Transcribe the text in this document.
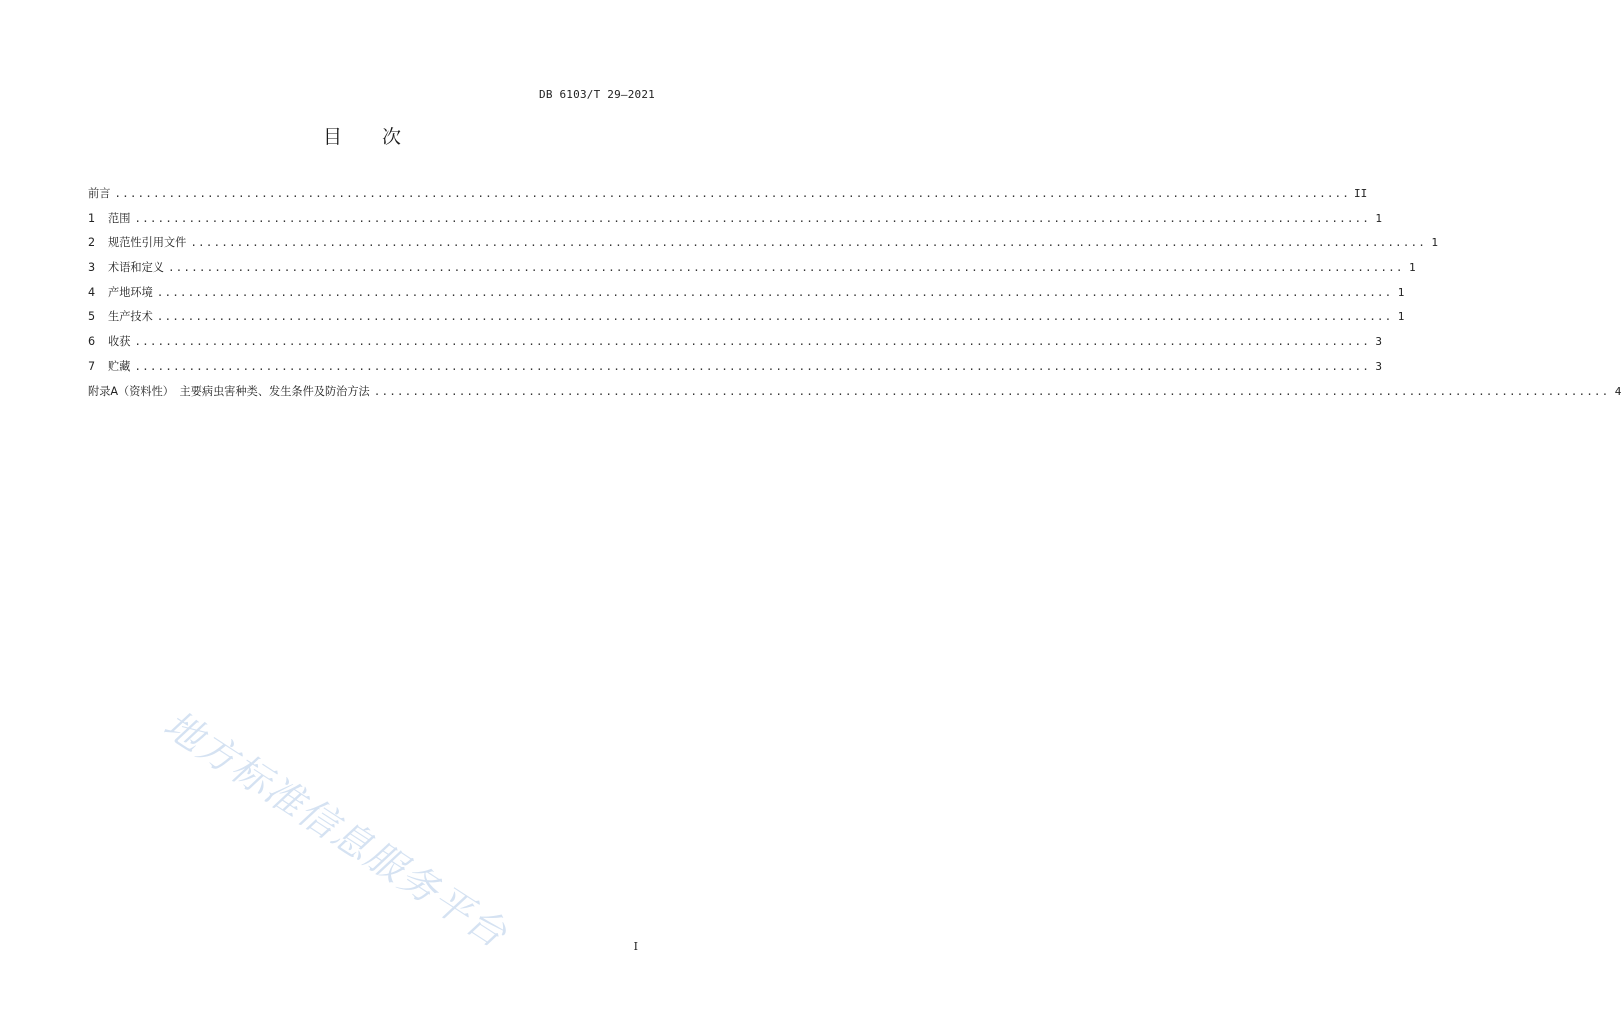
DB 6103/T 29—2021
目 次
前言 ................................................................................................................................................................ II
1	范围 ................................................................................................................................................................ 1
2	规范性引用文件 ................................................................................................................................................................ 1
3	术语和定义 ................................................................................................................................................................ 1
4	产地环境 ................................................................................................................................................................ 1
5	生产技术 ................................................................................................................................................................ 1
6	收获 ................................................................................................................................................................ 3
7	贮藏 ................................................................................................................................................................ 3
附录A（资料性）　主要病虫害种类、发生条件及防治方法 ................................................................................................................................................................ 4
地方标准信息服务平台	I
